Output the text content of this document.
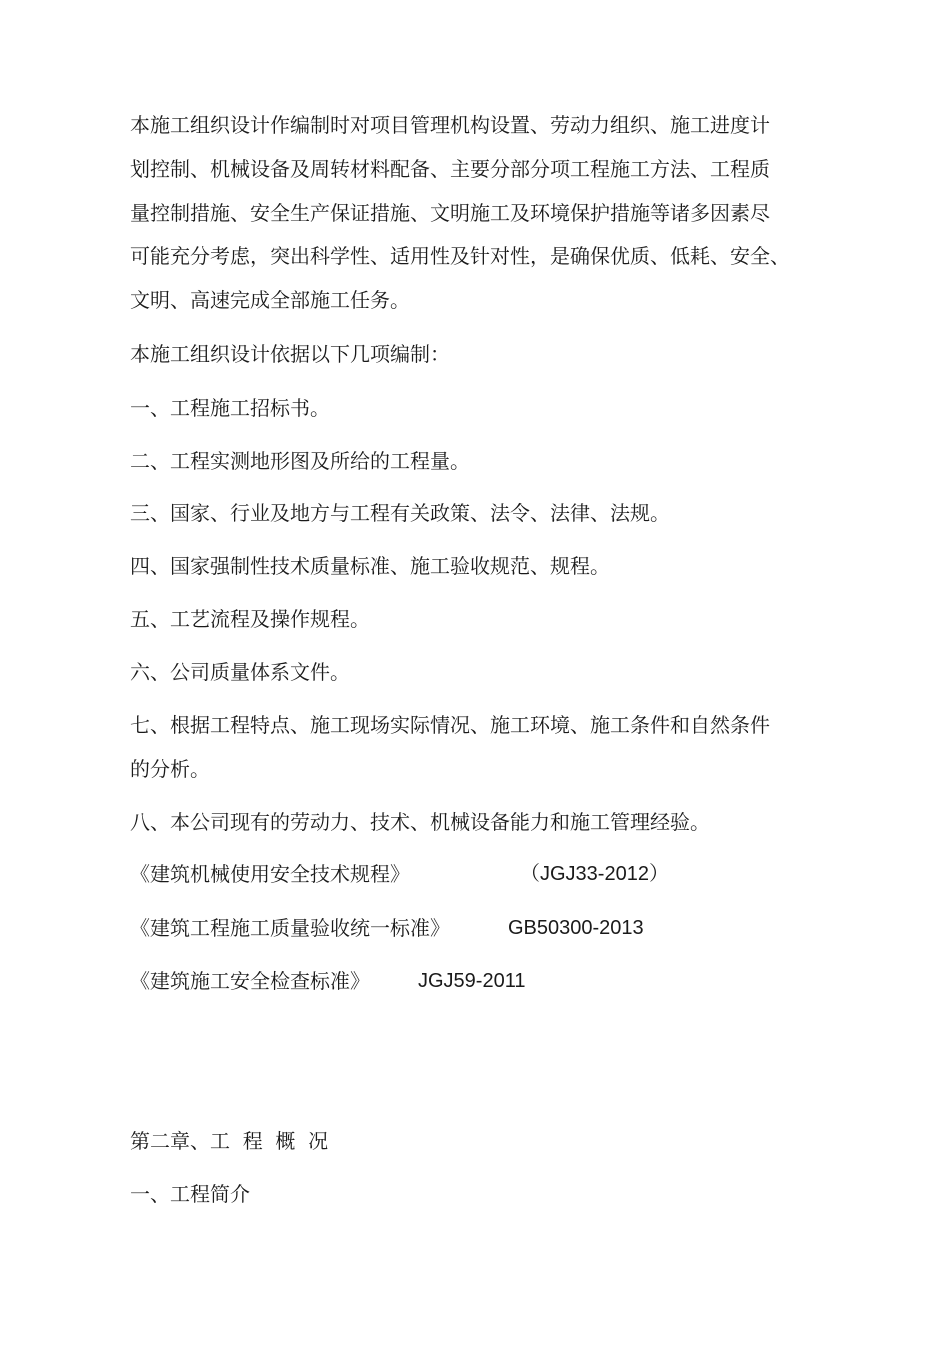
本施工组织设计作编制时对项目管理机构设置、劳动力组织、施工进度计
划控制、机械设备及周转材料配备、主要分部分项工程施工方法、工程质
量控制措施、安全生产保证措施、文明施工及环境保护措施等诸多因素尽
可能充分考虑，突出科学性、适用性及针对性，是确保优质、低耗、安全、
文明、高速完成全部施工任务。
本施工组织设计依据以下几项编制：
一、工程施工招标书。
二、工程实测地形图及所给的工程量。
三、国家、行业及地方与工程有关政策、法令、法律、法规。
四、国家强制性技术质量标准、施工验收规范、规程。
五、工艺流程及操作规程。
六、公司质量体系文件。
七、根据工程特点、施工现场实际情况、施工环境、施工条件和自然条件
的分析。
八、本公司现有的劳动力、技术、机械设备能力和施工管理经验。
《建筑机械使用安全技术规程》	（JGJ33-2012）
《建筑工程施工质量验收统一标准》	GB50300-2013
《建筑施工安全检查标准》 JGJ59-2011
第二章、工  程  概  况
一、工程简介
